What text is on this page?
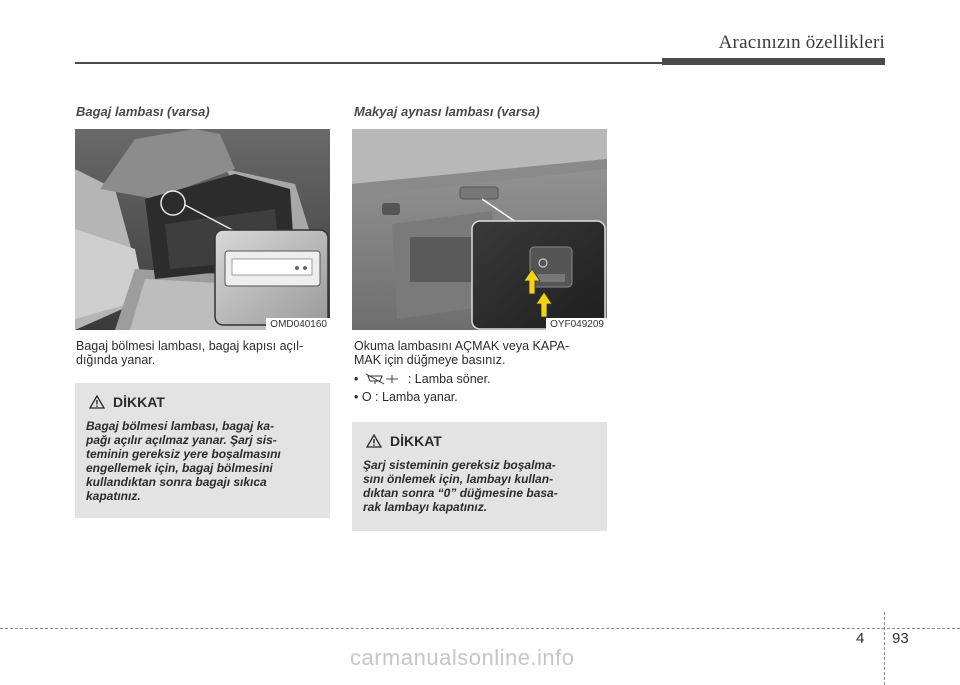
Aracınızın özellikleri
Bagaj lambası (varsa)
OMD040160
Bagaj bölmesi lambası, bagaj kapısı açıl-
dığında yanar.
DİKKAT
Bagaj bölmesi lambası, bagaj ka-
pağı açılır açılmaz yanar. Şarj sis-
teminin gereksiz yere boşalmasını
engellemek için, bagaj bölmesini
kullandıktan sonra bagajı sıkıca
kapatınız.
Makyaj aynası lambası (varsa)
OYF049209
Okuma lambasını AÇMAK veya KAPA-
MAK için düğmeye basınız.
•	: Lamba söner.
• O : Lamba yanar.
DİKKAT
Şarj sisteminin gereksiz boşalma-
sını önlemek için, lambayı kullan-
dıktan sonra “0” düğmesine basa-
rak lambayı kapatınız.
4 93
carmanualsonline.info
